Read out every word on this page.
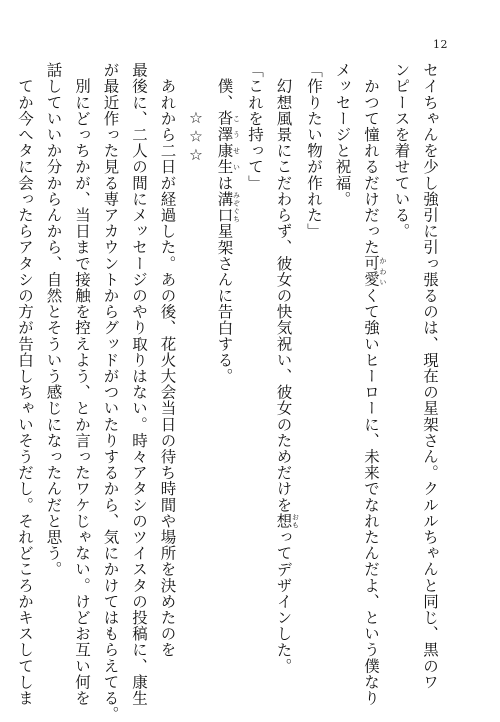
12
セイちゃんを少し強引に引っ張るのは、現在の星架さん。クルルちゃんと同じ、黒のワ
ンピースを着せている。
　かつて憧れるだけだった可愛 かわいくて強いヒーローに、未来でなれたんだよ、という僕なり
メッセージと祝福。
「作りたい物が作れた」
　幻想風景にこだわらず、彼女の快気祝い、彼女のためだけを想 おもってデザインした。
「これを持って」
　僕、沓澤康生 こうせいは溝口 みぞぐち星架さんに告白する。
☆☆☆
　あれから二日が経過した。あの後、花火大会当日の待ち時間や場所を決めたのを
最後に、二人の間にメッセージのやり取りはない。時々アタシのツイスタの投稿に、康生
が最近作った見る専アカウントからグッドがついたりするから、気にかけてはもらえてる。
　別にどっちかが、当日まで接触を控えよう、とか言ったワケじゃない。けどお互い何を
話していいか分からんから、自然とそういう感じになったんだと思う。
　てか今へタに会ったらアタシの方が告白しちゃいそうだし。それどころかキスしてしま
